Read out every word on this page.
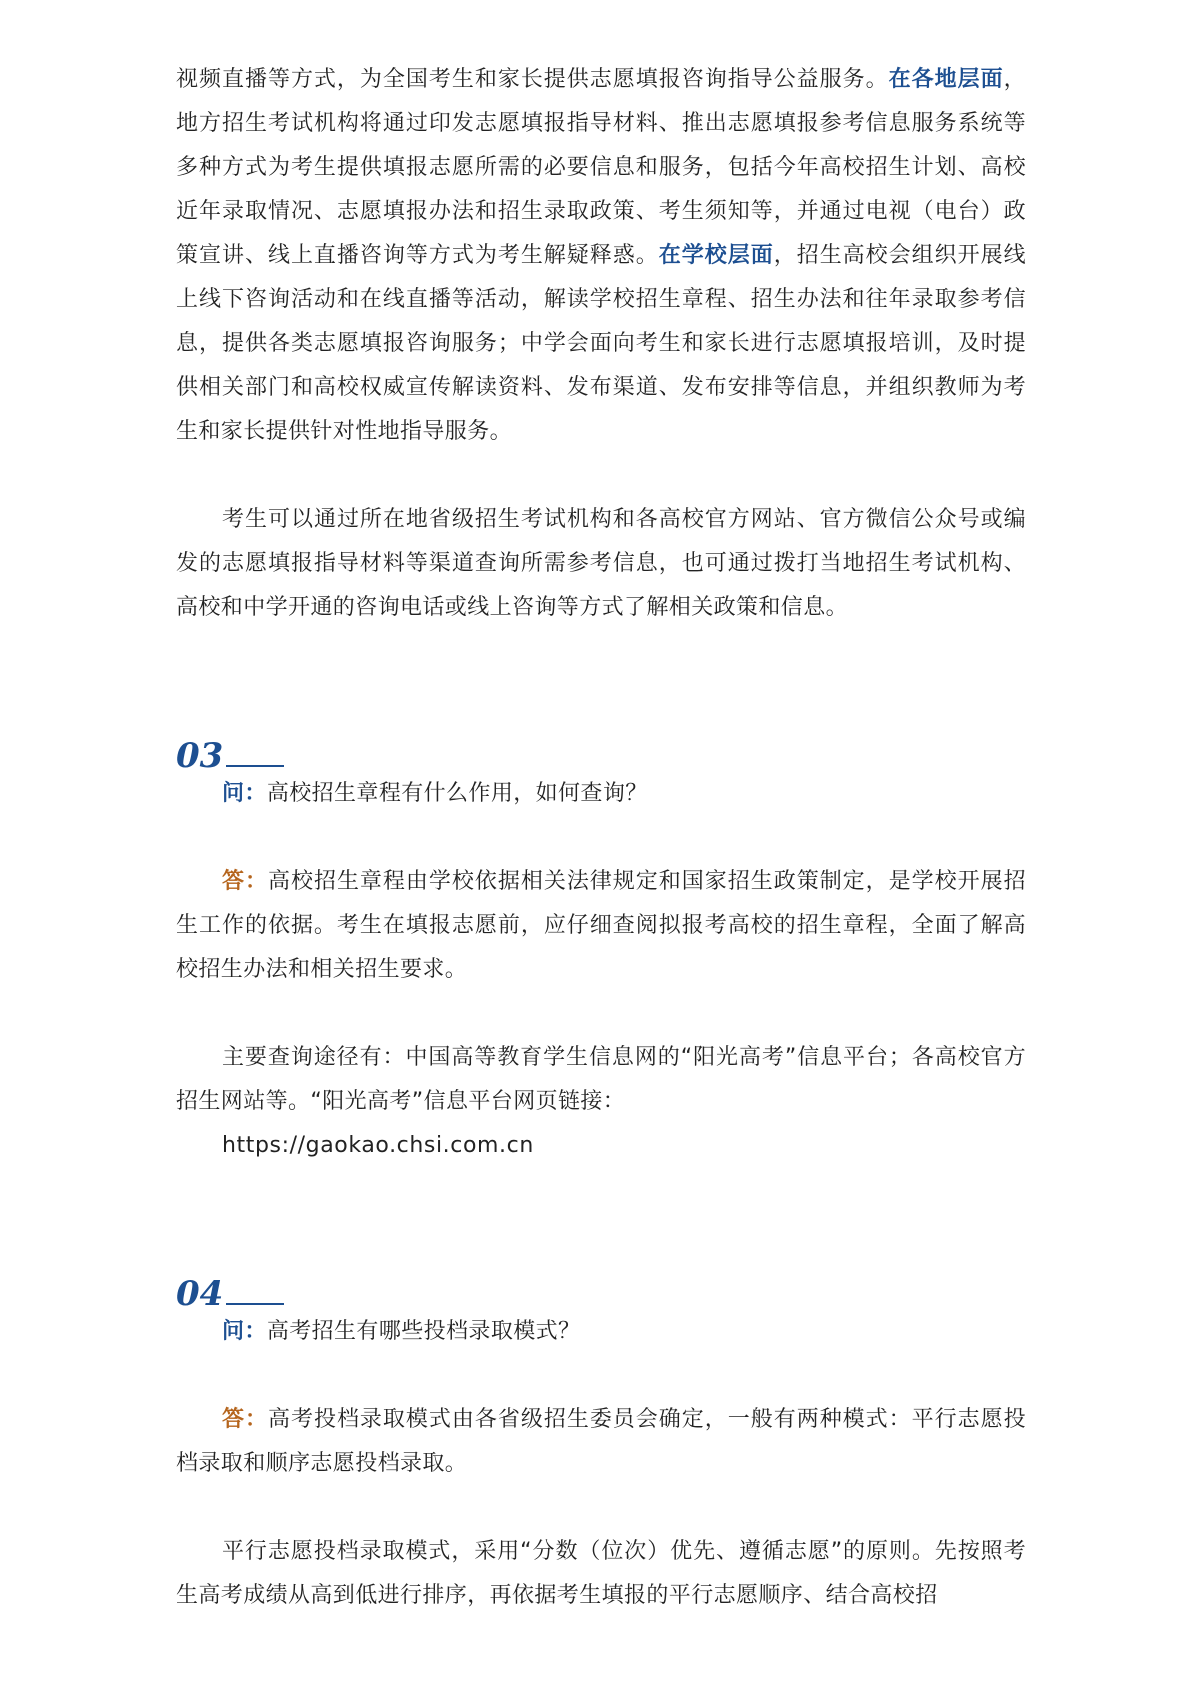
视频直播等方式，为全国考生和家长提供志愿填报咨询指导公益服务。在各地层面，地方招生考试机构将通过印发志愿填报指导材料、推出志愿填报参考信息服务系统等多种方式为考生提供填报志愿所需的必要信息和服务，包括今年高校招生计划、高校近年录取情况、志愿填报办法和招生录取政策、考生须知等，并通过电视（电台）政策宣讲、线上直播咨询等方式为考生解疑释惑。在学校层面，招生高校会组织开展线上线下咨询活动和在线直播等活动，解读学校招生章程、招生办法和往年录取参考信息，提供各类志愿填报咨询服务；中学会面向考生和家长进行志愿填报培训，及时提供相关部门和高校权威宣传解读资料、发布渠道、发布安排等信息，并组织教师为考生和家长提供针对性地指导服务。

考生可以通过所在地省级招生考试机构和各高校官方网站、官方微信公众号或编发的志愿填报指导材料等渠道查询所需参考信息，也可通过拨打当地招生考试机构、高校和中学开通的咨询电话或线上咨询等方式了解相关政策和信息。

03

问：高校招生章程有什么作用，如何查询？

答：高校招生章程由学校依据相关法律规定和国家招生政策制定，是学校开展招生工作的依据。考生在填报志愿前，应仔细查阅拟报考高校的招生章程，全面了解高校招生办法和相关招生要求。

主要查询途径有：中国高等教育学生信息网的“阳光高考”信息平台；各高校官方招生网站等。“阳光高考”信息平台网页链接：

https://gaokao.chsi.com.cn
04

问：高考招生有哪些投档录取模式？

答：高考投档录取模式由各省级招生委员会确定，一般有两种模式：平行志愿投档录取和顺序志愿投档录取。

平行志愿投档录取模式，采用“分数（位次）优先、遵循志愿”的原则。先按照考生高考成绩从高到低进行排序，再依据考生填报的平行志愿顺序、结合高校招
